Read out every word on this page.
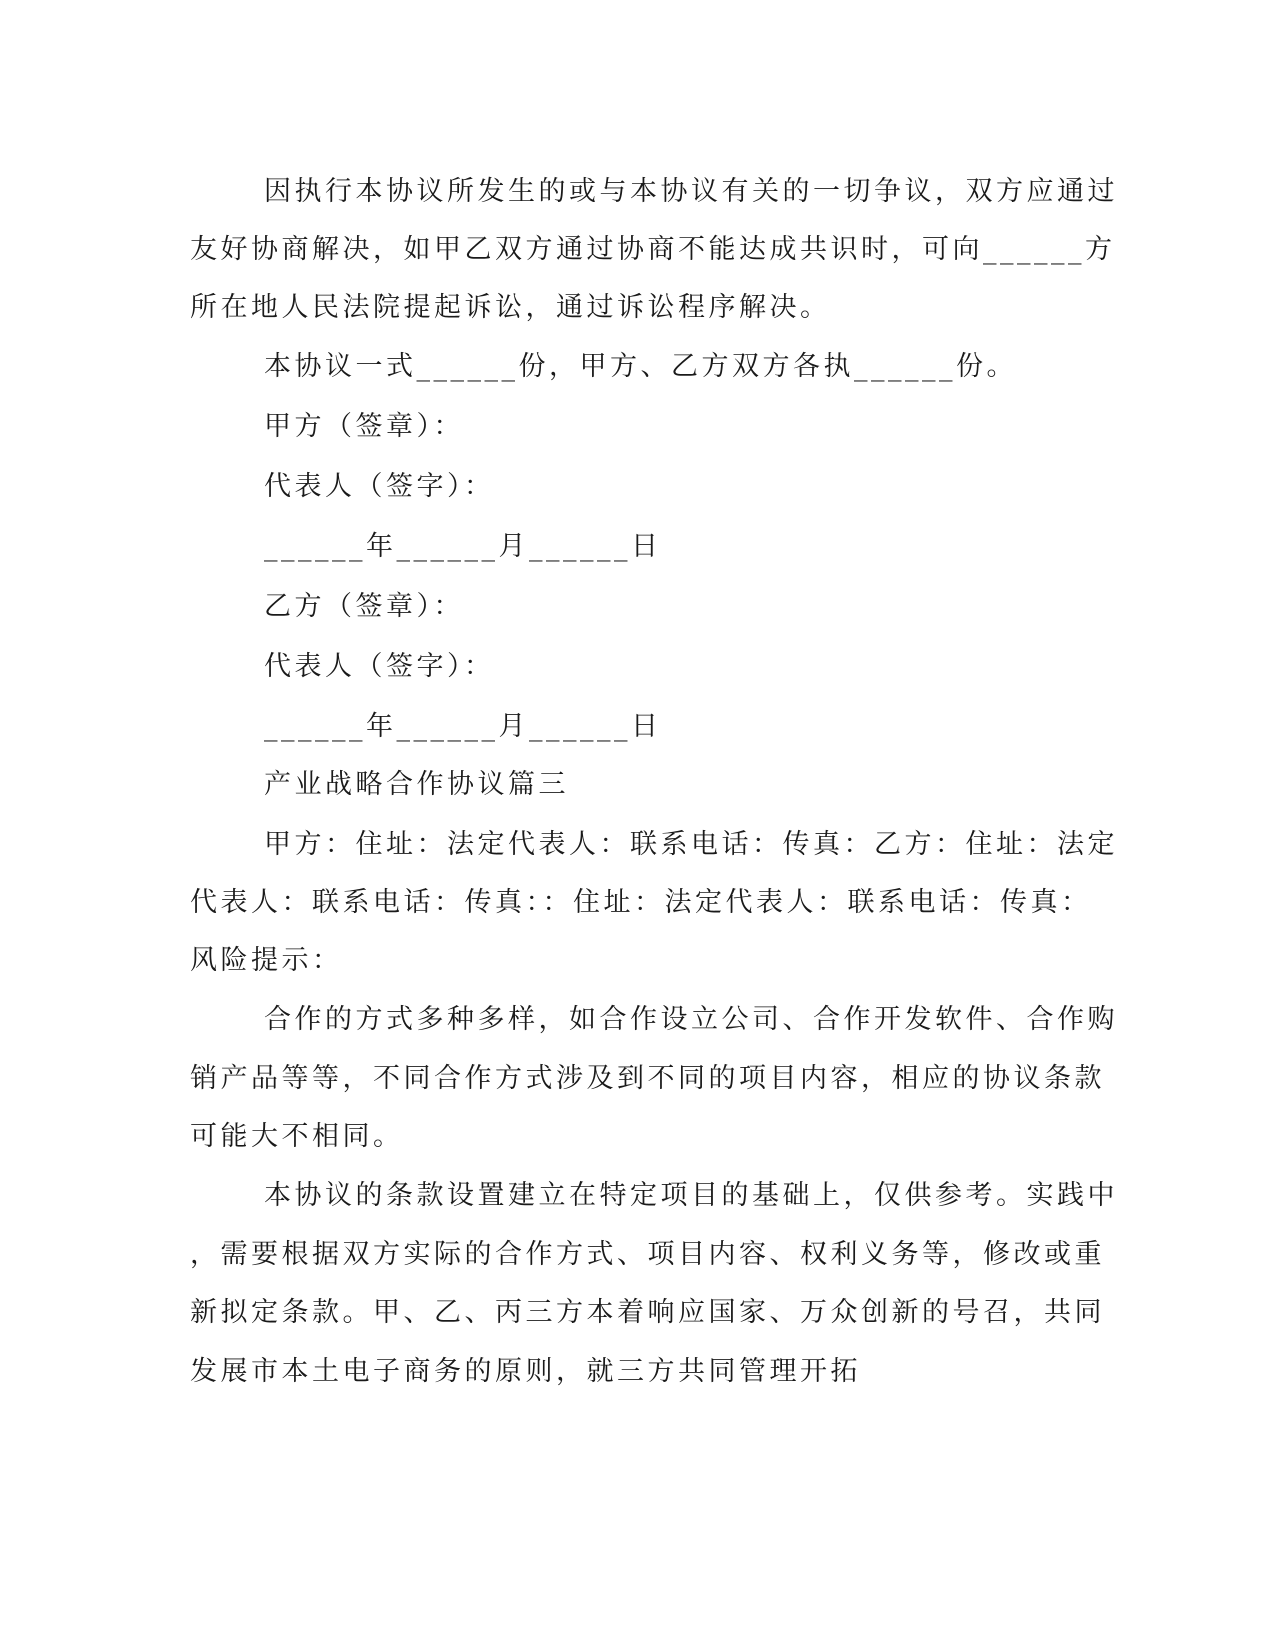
因执行本协议所发生的或与本协议有关的一切争议，双方应通过
友好协商解决，如甲乙双方通过协商不能达成共识时，可向______方
所在地人民法院提起诉讼，通过诉讼程序解决。
本协议一式______份，甲方、乙方双方各执______份。
甲方（签章）：
代表人（签字）：
______年______月______日
乙方（签章）：
代表人（签字）：
______年______月______日
产业战略合作协议篇三
甲方：住址：法定代表人：联系电话：传真：乙方：住址：法定
代表人：联系电话：传真：：住址：法定代表人：联系电话：传真：
风险提示：
合作的方式多种多样，如合作设立公司、合作开发软件、合作购
销产品等等，不同合作方式涉及到不同的项目内容，相应的协议条款
可能大不相同。
本协议的条款设置建立在特定项目的基础上，仅供参考。实践中
，需要根据双方实际的合作方式、项目内容、权利义务等，修改或重
新拟定条款。甲、乙、丙三方本着响应国家、万众创新的号召，共同
发展市本土电子商务的原则，就三方共同管理开拓
